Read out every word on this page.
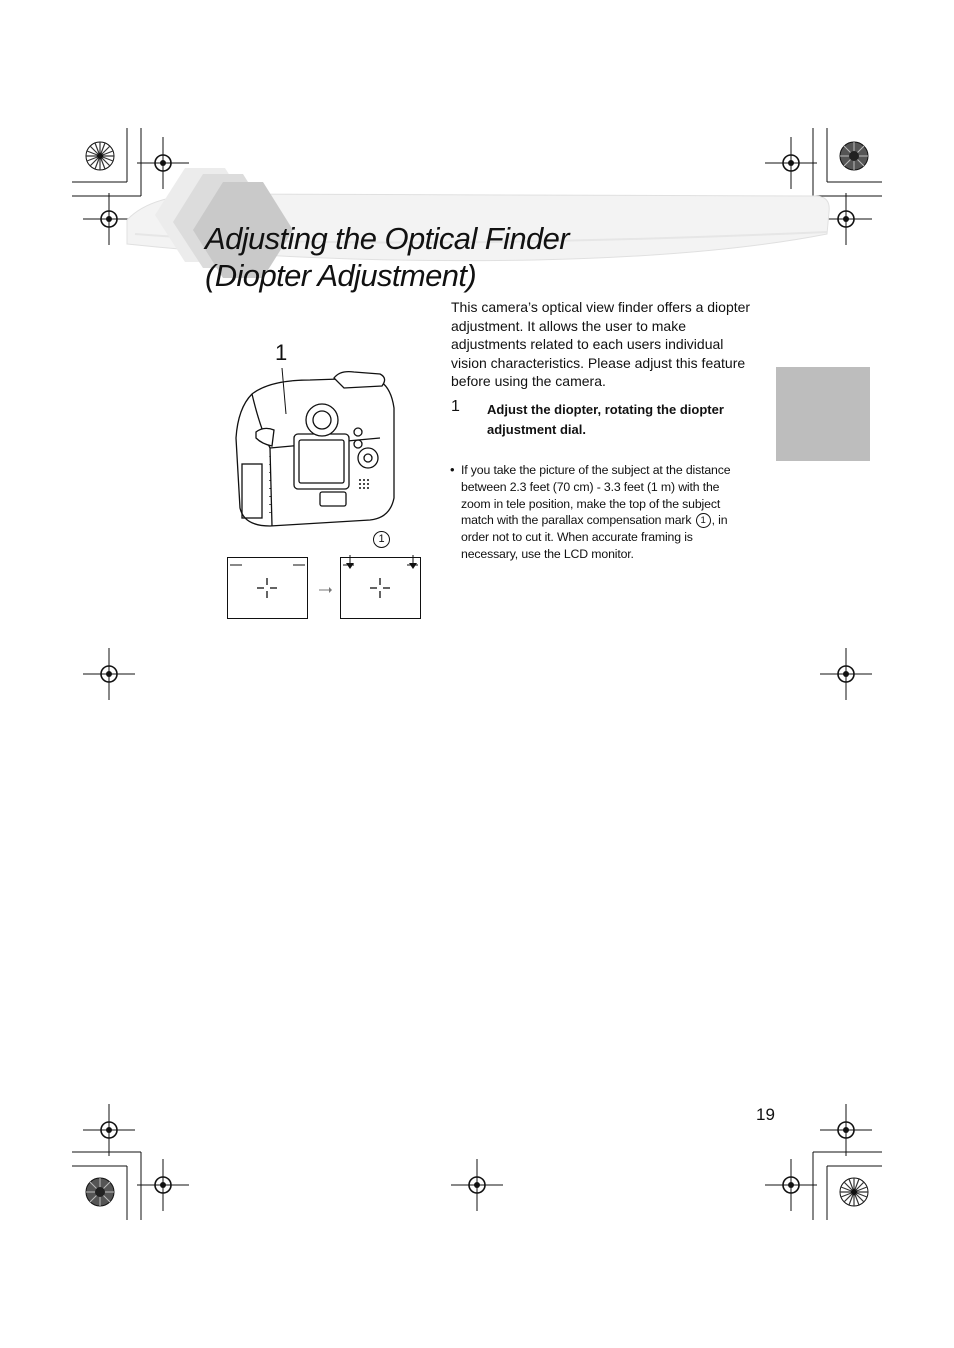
Adjusting the Optical Finder
(Diopter Adjustment)
1
1
This camera’s optical view finder offers a diopter adjustment. It allows the user to make adjustments related to each users individual vision characteristics. Please adjust this feature before using the camera.
1 Adjust the diopter, rotating the diopter adjustment dial.
• If you take the picture of the subject at the distance between 2.3 feet (70 cm) - 3.3 feet (1 m) with the zoom in tele position, make the top of the subject match with the parallax compensation mark 1 , in order not to cut it. When accurate framing is necessary, use the LCD monitor.
19
